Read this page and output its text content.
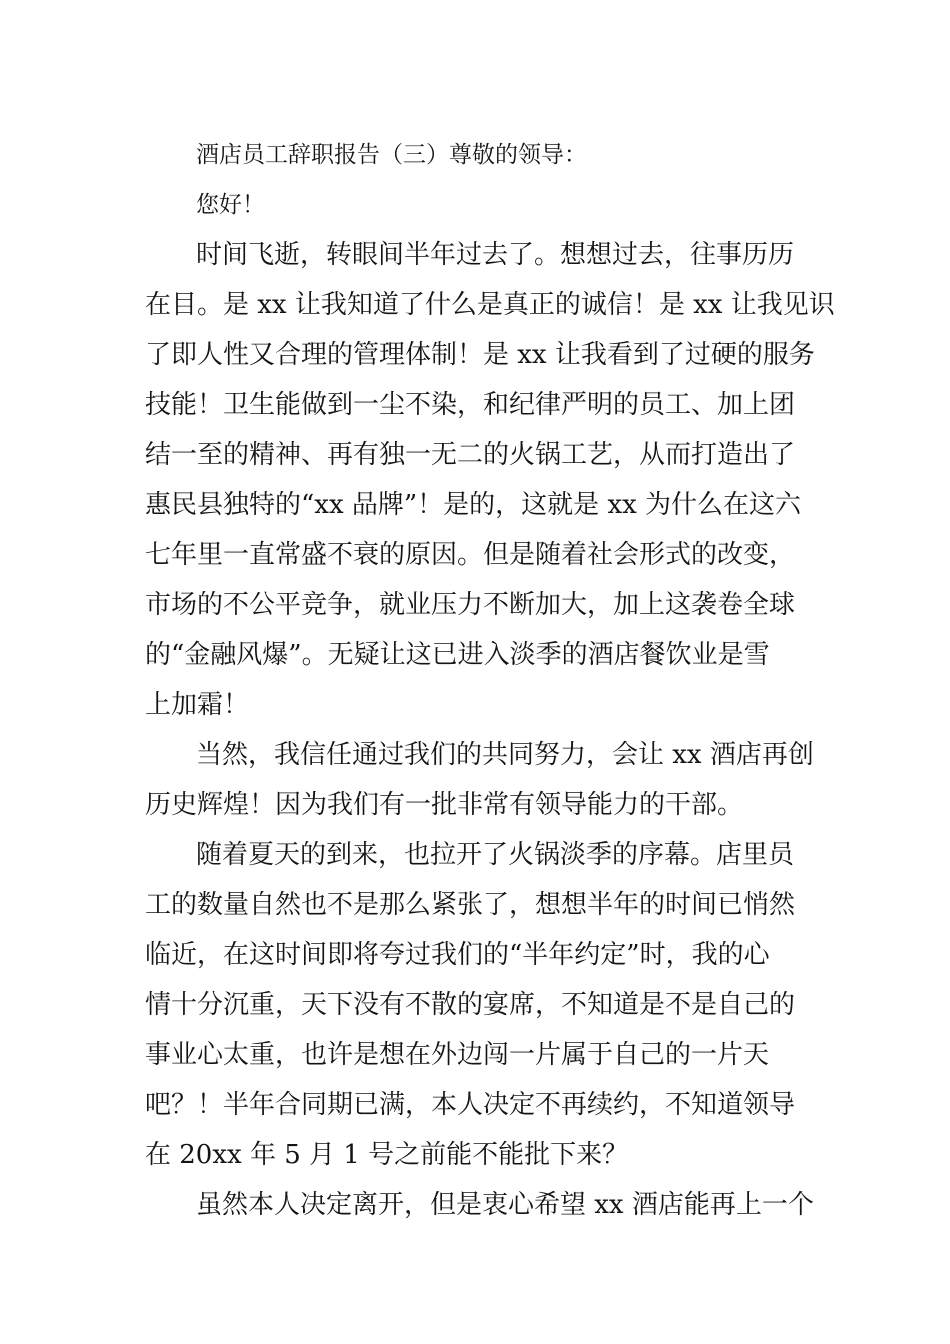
酒店员工辞职报告（三）尊敬的领导：
您好！
时间飞逝，转眼间半年过去了。想想过去，往事历历
在目。是 xx 让我知道了什么是真正的诚信！是 xx 让我见识
了即人性又合理的管理体制！是 xx 让我看到了过硬的服务
技能！卫生能做到一尘不染，和纪律严明的员工、加上团
结一至的精神、再有独一无二的火锅工艺，从而打造出了
惠民县独特的“xx 品牌”！是的，这就是 xx 为什么在这六
七年里一直常盛不衰的原因。但是随着社会形式的改变，
市场的不公平竞争，就业压力不断加大，加上这袭卷全球
的“金融风爆”。无疑让这已进入淡季的酒店餐饮业是雪
上加霜！
当然，我信任通过我们的共同努力，会让 xx 酒店再创
历史辉煌！因为我们有一批非常有领导能力的干部。
随着夏天的到来，也拉开了火锅淡季的序幕。店里员
工的数量自然也不是那么紧张了，想想半年的时间已悄然
临近，在这时间即将夸过我们的“半年约定”时，我的心
情十分沉重，天下没有不散的宴席，不知道是不是自己的
事业心太重，也许是想在外边闯一片属于自己的一片天
吧？！半年合同期已满，本人决定不再续约，不知道领导
在 20xx 年 5 月 1 号之前能不能批下来？
虽然本人决定离开，但是衷心希望 xx 酒店能再上一个
